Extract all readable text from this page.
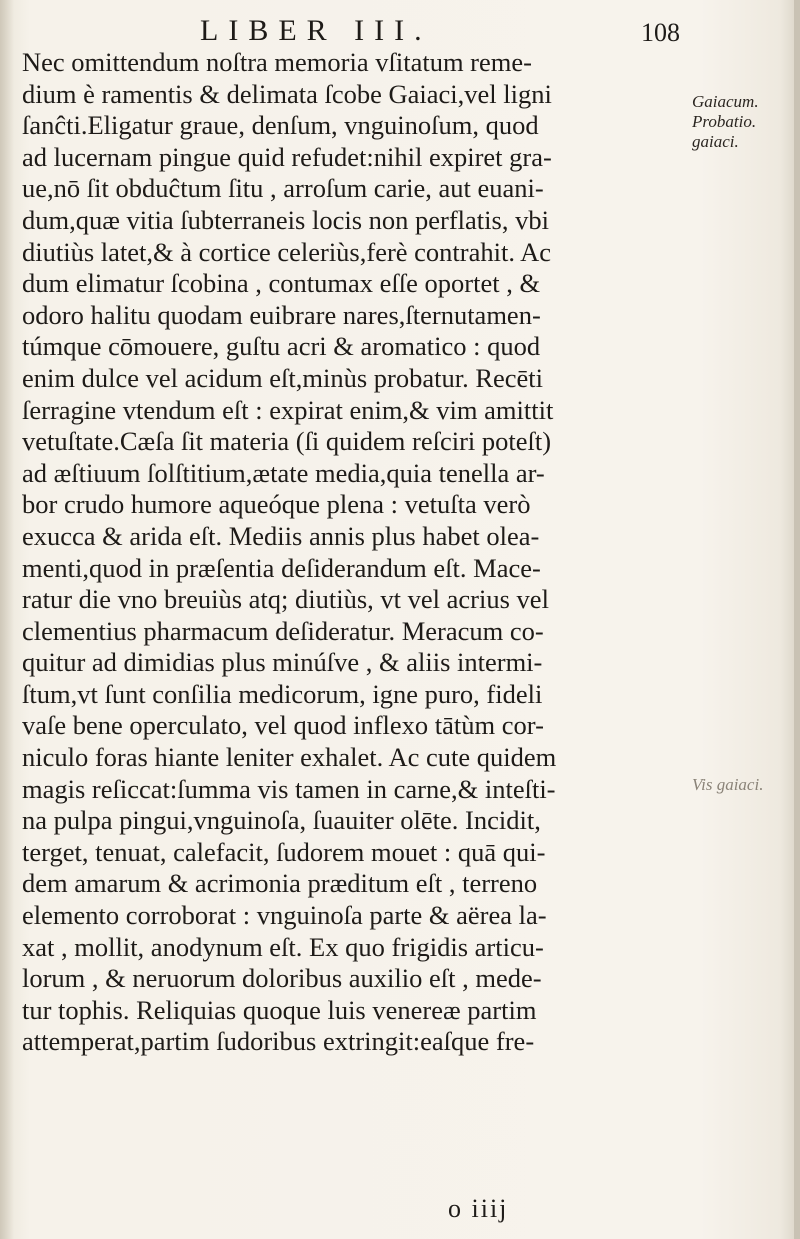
LIBER III.	108
Nec omittendum noſtra memoria vſitatum reme-
dium è ramentis & delimata ſcobe Gaiaci,vel ligni
ſanĉti.Eligatur graue, denſum, vnguinoſum, quod
ad lucernam pingue quid refudet:nihil expiret gra-
ue,nō ſit obduĉtum ſitu , arroſum carie, aut euani-
dum,quæ vitia ſubterraneis locis non perflatis, vbi
diutiùs latet,& à cortice celeriùs,ferè contrahit. Ac
dum elimatur ſcobina , contumax eſſe oportet , &
odoro halitu quodam euibrare nares,ſternutamen-
túmque cōmouere, guſtu acri & aromatico : quod
enim dulce vel acidum eſt,minùs probatur. Recēti
ſerragine vtendum eſt : expirat enim,& vim amittit
vetuſtate.Cæſa ſit materia (ſi quidem reſciri poteſt)
ad æſtiuum ſolſtitium,ætate media,quia tenella ar-
bor crudo humore aqueóque plena : vetuſta verò
exucca & arida eſt. Mediis annis plus habet olea-
menti,quod in præſentia deſiderandum eſt. Mace-
ratur die vno breuiùs atq; diutiùs, vt vel acrius vel
clementius pharmacum deſideratur. Meracum co-
quitur ad dimidias plus minúſve , & aliis intermi-
ſtum,vt ſunt conſilia medicorum, igne puro, fideli
vaſe bene operculato, vel quod inflexo tātùm cor-
niculo foras hiante leniter exhalet. Ac cute quidem
magis reſiccat:ſumma vis tamen in carne,& inteſti-
na pulpa pingui,vnguinoſa, ſuauiter olēte. Incidit,
terget, tenuat, calefacit, ſudorem mouet : quā qui-
dem amarum & acrimonia præditum eſt , terreno
elemento corroborat : vnguinoſa parte & aërea la-
xat , mollit, anodynum eſt. Ex quo frigidis articu-
lorum , & neruorum doloribus auxilio eſt , mede-
tur tophis. Reliquias quoque luis venereæ partim
attemperat,partim ſudoribus extringit:eaſque fre-
Gaiacum.
Probatio.
gaiaci.
Vis gaiaci.
o iiij
